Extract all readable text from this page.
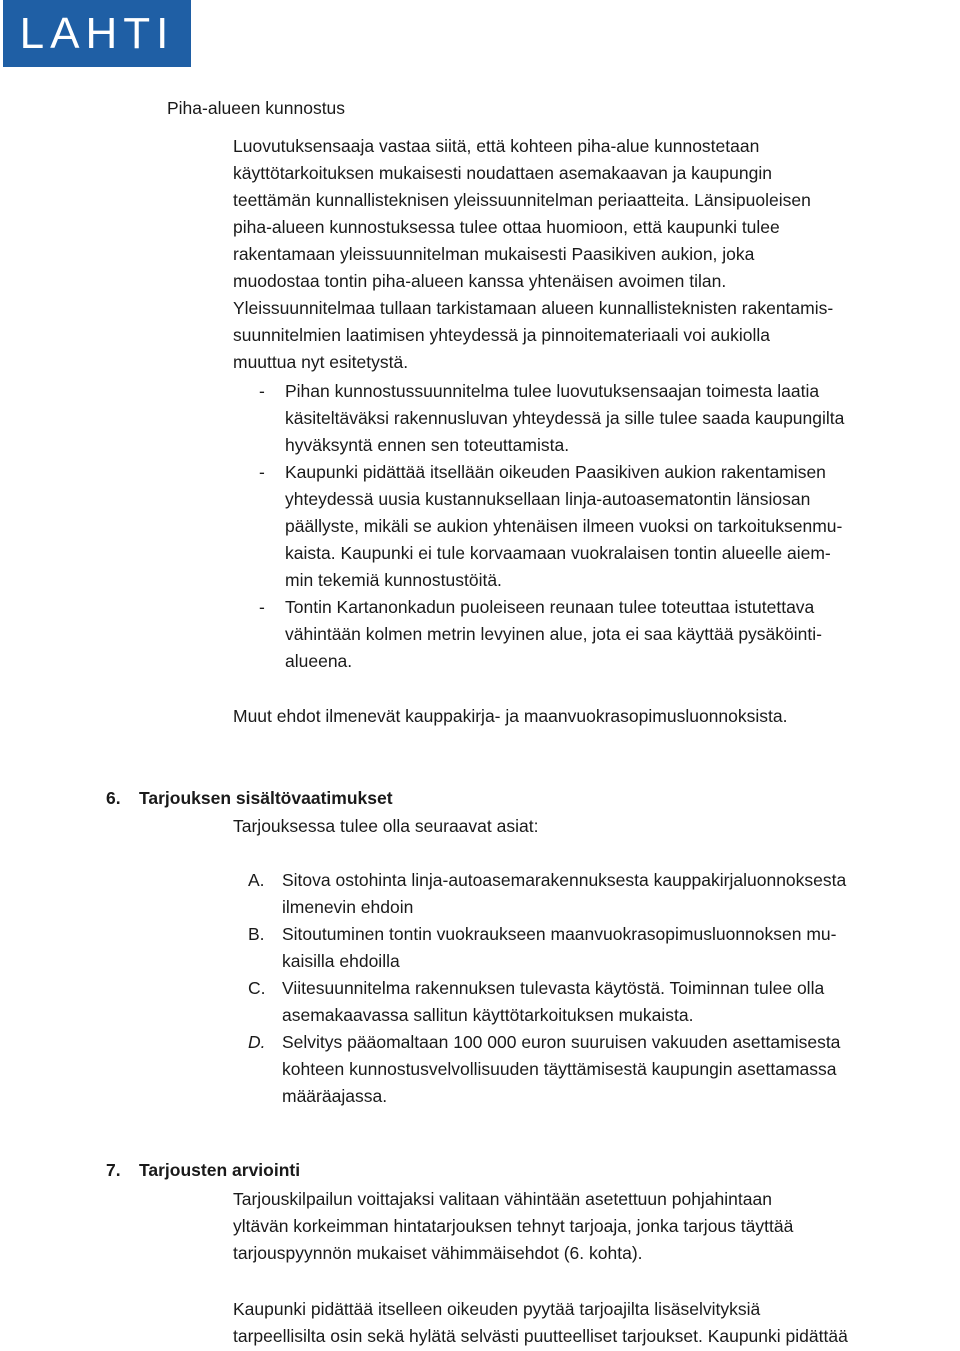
LAHTI
Piha-alueen kunnostus
Luovutuksensaaja vastaa siitä, että kohteen piha-alue kunnostetaan
käyttötarkoituksen mukaisesti noudattaen asemakaavan ja kaupungin
teettämän kunnallisteknisen yleissuunnitelman periaatteita. Länsipuoleisen
piha-alueen kunnostuksessa tulee ottaa huomioon, että kaupunki tulee
rakentamaan yleissuunnitelman mukaisesti Paasikiven aukion, joka
muodostaa tontin piha-alueen kanssa yhtenäisen avoimen tilan.
Yleissuunnitelmaa tullaan tarkistamaan alueen kunnallisteknisten rakentamis-
suunnitelmien laatimisen yhteydessä ja pinnoitemateriaali voi aukiolla
muuttua nyt esitetystä.
- Pihan kunnostussuunnitelma tulee luovutuksensaajan toimesta laatia
käsiteltäväksi rakennusluvan yhteydessä ja sille tulee saada kaupungilta
hyväksyntä ennen sen toteuttamista.
- Kaupunki pidättää itsellään oikeuden Paasikiven aukion rakentamisen
yhteydessä uusia kustannuksellaan linja-autoasematontin länsiosan
päällyste, mikäli se aukion yhtenäisen ilmeen vuoksi on tarkoituksenmu-
kaista. Kaupunki ei tule korvaamaan vuokralaisen tontin alueelle aiem-
min tekemiä kunnostustöitä.
- Tontin Kartanonkadun puoleiseen reunaan tulee toteuttaa istutettava
vähintään kolmen metrin levyinen alue, jota ei saa käyttää pysäköinti-
alueena.
Muut ehdot ilmenevät kauppakirja- ja maanvuokrasopimusluonnoksista.
6. Tarjouksen sisältövaatimukset
Tarjouksessa tulee olla seuraavat asiat:
A. Sitova ostohinta linja-autoasemarakennuksesta kauppakirjaluonnoksesta
ilmenevin ehdoin
B. Sitoutuminen tontin vuokraukseen maanvuokrasopimusluonnoksen mu-
kaisilla ehdoilla
C. Viitesuunnitelma rakennuksen tulevasta käytöstä. Toiminnan tulee olla
asemakaavassa sallitun käyttötarkoituksen mukaista.
D. Selvitys pääomaltaan 100 000 euron suuruisen vakuuden asettamisesta
kohteen kunnostusvelvollisuuden täyttämisestä kaupungin asettamassa
määräajassa.
7. Tarjousten arviointi
Tarjouskilpailun voittajaksi valitaan vähintään asetettuun pohjahintaan
yltävän korkeimman hintatarjouksen tehnyt tarjoaja, jonka tarjous täyttää
tarjouspyynnön mukaiset vähimmäisehdot (6. kohta).
Kaupunki pidättää itselleen oikeuden pyytää tarjoajilta lisäselvityksiä
tarpeellisilta osin sekä hylätä selvästi puutteelliset tarjoukset. Kaupunki pidättää
